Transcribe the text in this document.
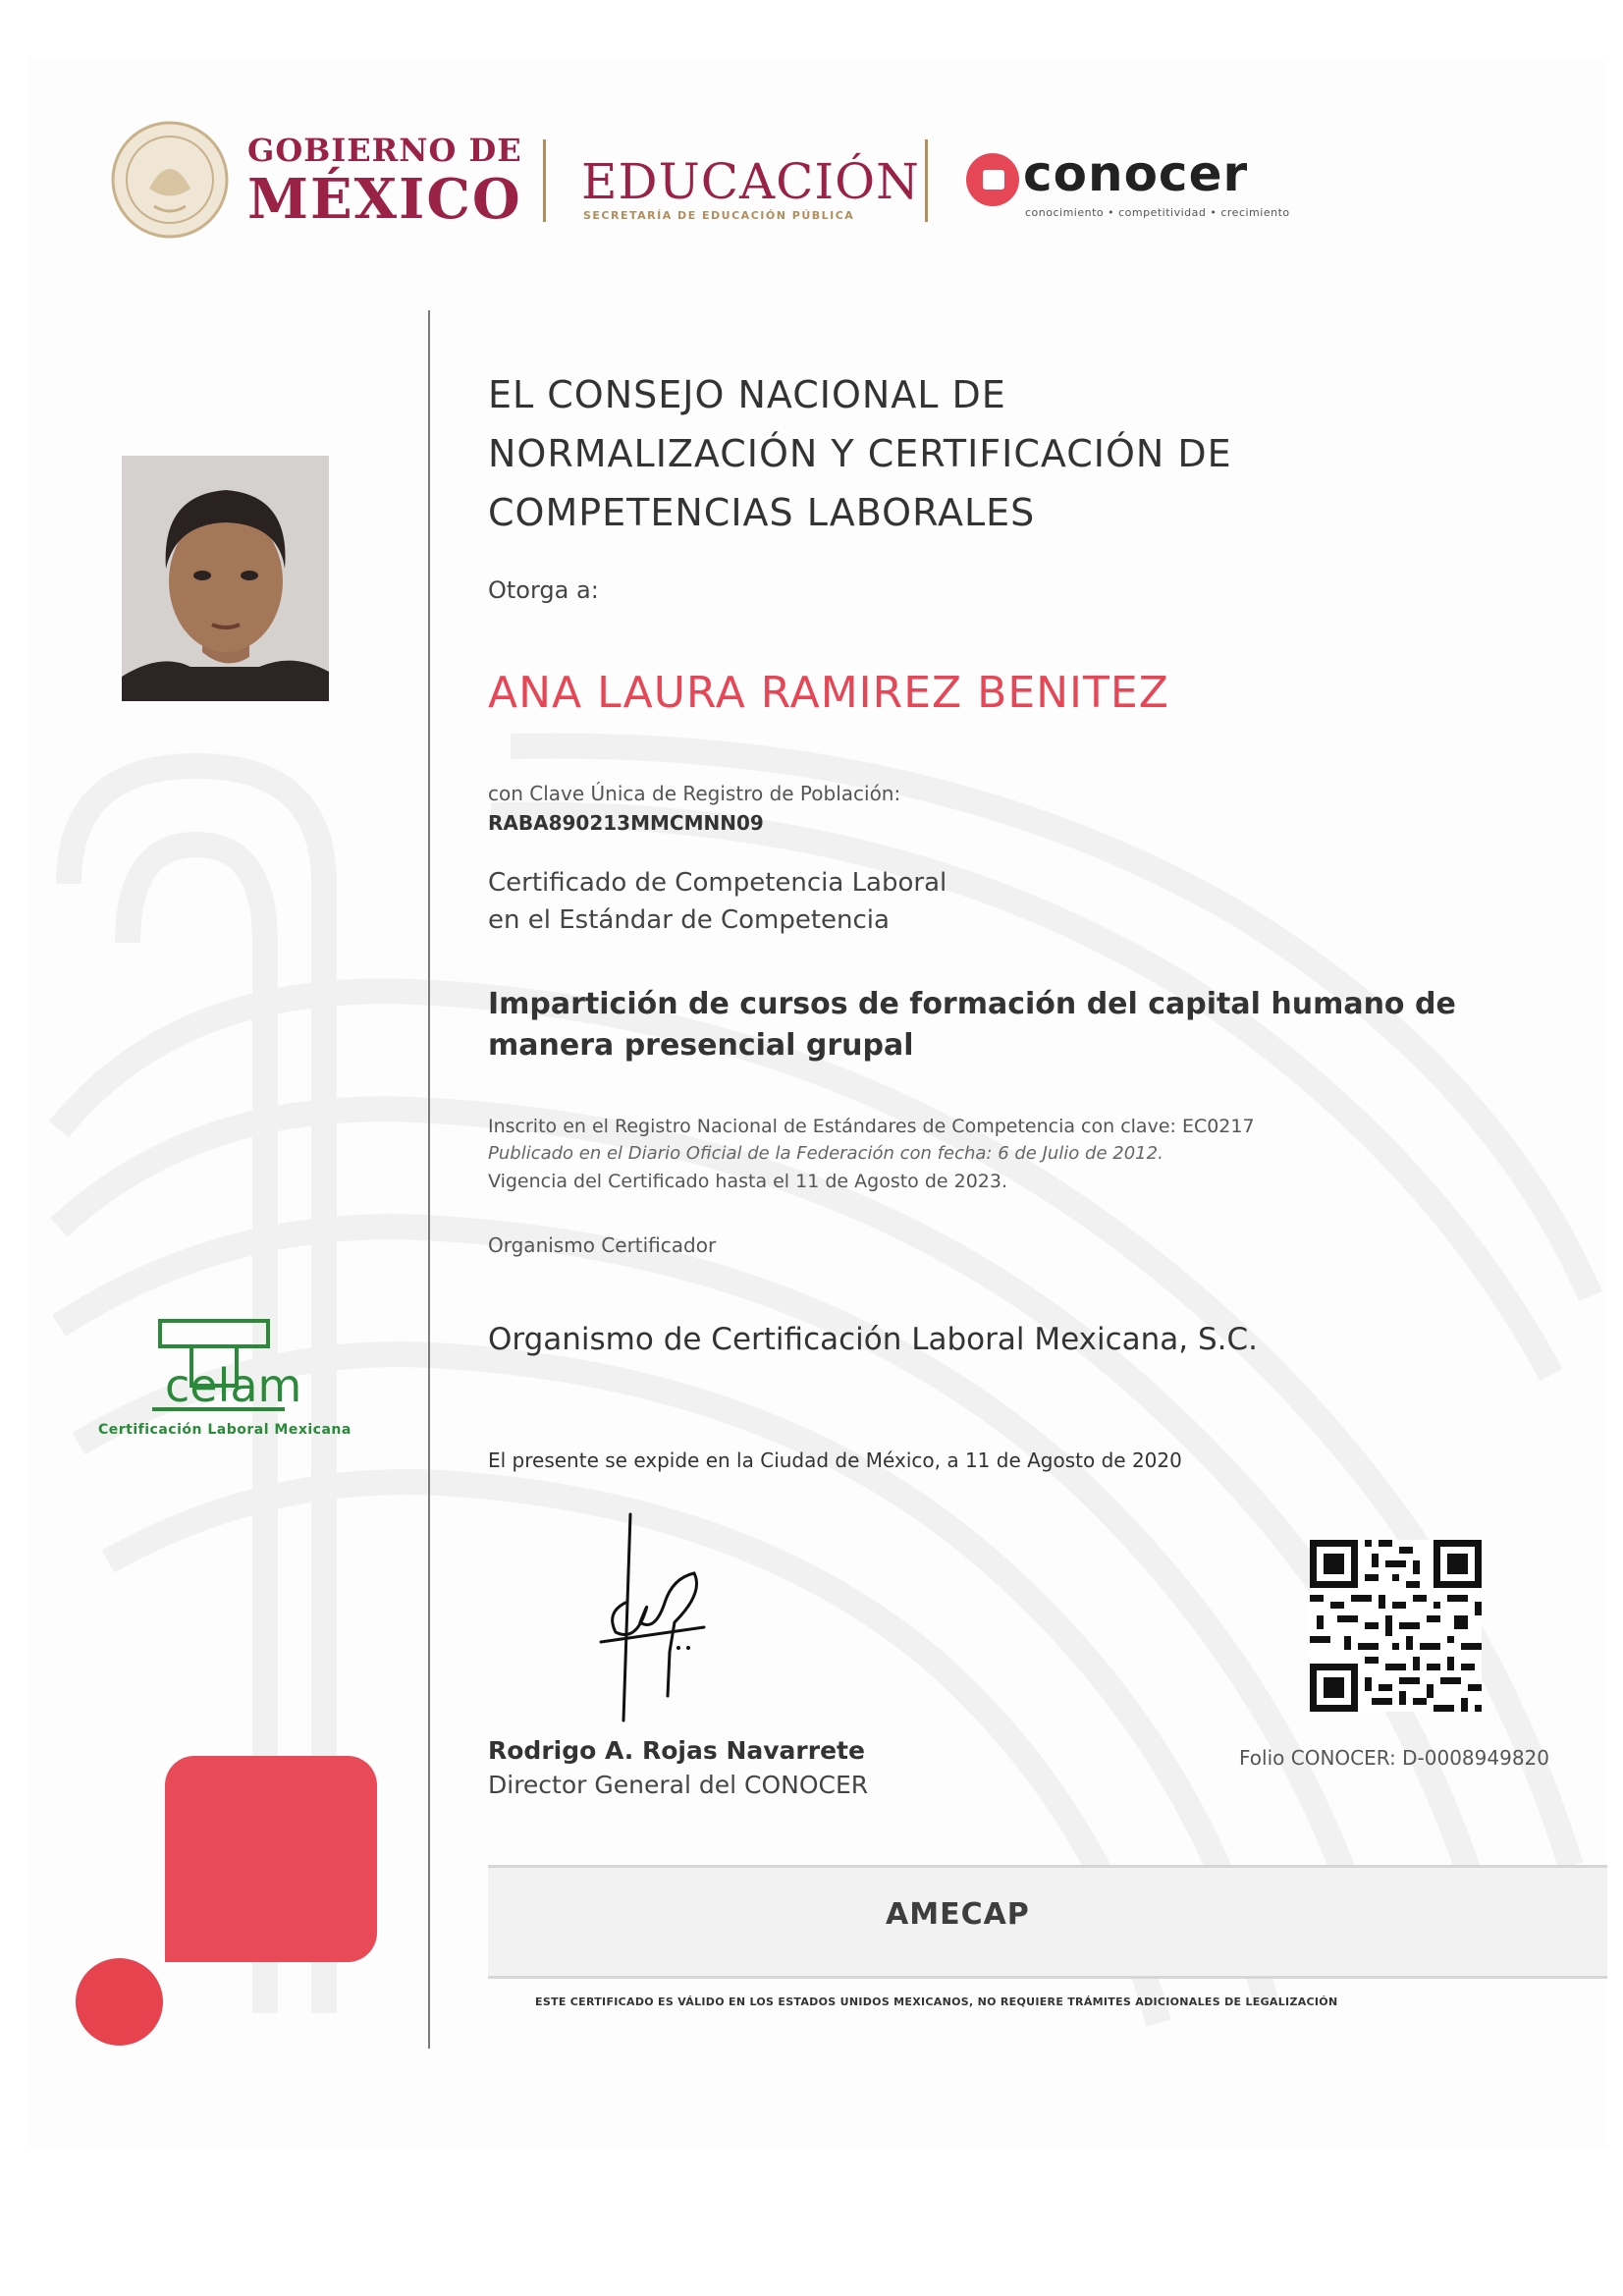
GOBIERNO DE
MÉXICO EDUCACIÓN
SECRETARÍA DE EDUCACIÓN PÚBLICA
conocer
conocimiento • competitividad • crecimiento
celam
Certificación Laboral Mexicana
EL CONSEJO NACIONAL DE
NORMALIZACIÓN Y CERTIFICACIÓN DE
COMPETENCIAS LABORALES
Otorga a:
ANA LAURA RAMIREZ BENITEZ
con Clave Única de Registro de Población:
RABA890213MMCMNN09
Certificado de Competencia Laboral
en el Estándar de Competencia
Impartición de cursos de formación del capital humano de
manera presencial grupal
Inscrito en el Registro Nacional de Estándares de Competencia con clave: EC0217
Publicado en el Diario Oficial de la Federación con fecha: 6 de Julio de 2012.
Vigencia del Certificado hasta el 11 de Agosto de 2023.
Organismo Certificador
Organismo de Certificación Laboral Mexicana, S.C.
El presente se expide en la Ciudad de México, a 11 de Agosto de 2020
Rodrigo A. Rojas Navarrete
Director General del CONOCER
Folio CONOCER: D-0008949820
AMECAP
ESTE CERTIFICADO ES VÁLIDO EN LOS ESTADOS UNIDOS MEXICANOS, NO REQUIERE TRÁMITES ADICIONALES DE LEGALIZACIÓN
